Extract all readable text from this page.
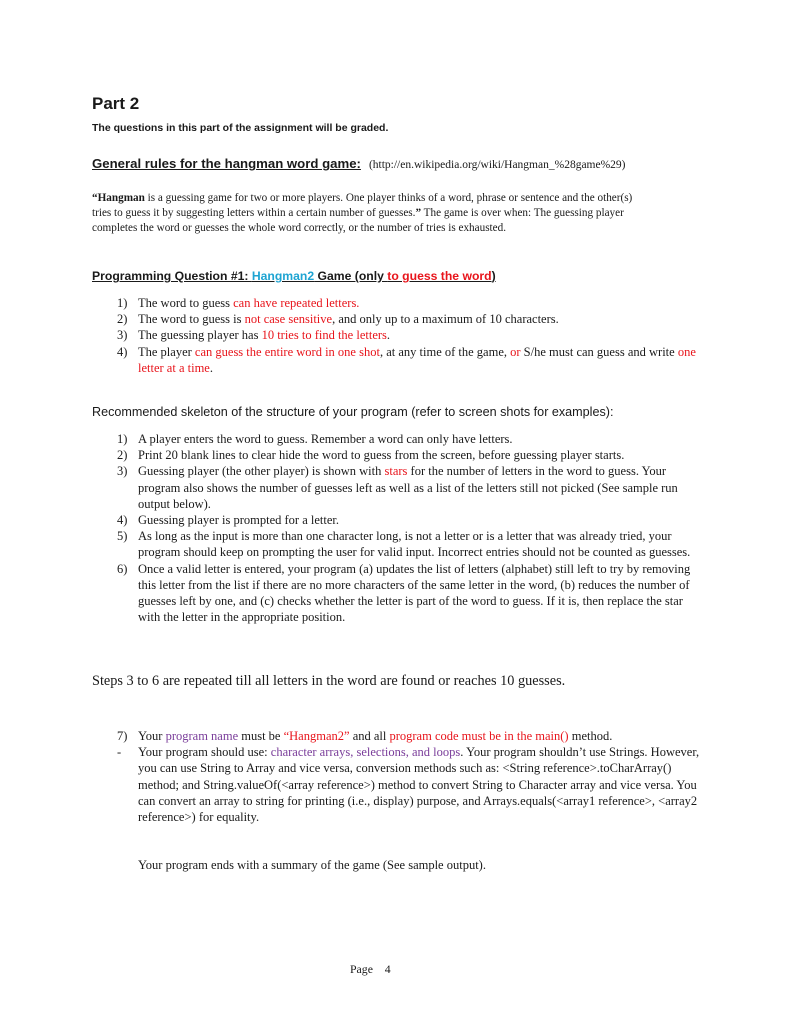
Part 2
The questions in this part of the assignment will be graded.
General rules for the hangman word game: (http://en.wikipedia.org/wiki/Hangman_%28game%29)
“Hangman is a guessing game for two or more players. One player thinks of a word, phrase or sentence and the other(s) tries to guess it by suggesting letters within a certain number of guesses.” The game is over when: The guessing player completes the word or guesses the whole word correctly, or the number of tries is exhausted.
Programming Question #1: Hangman2 Game (only to guess the word)
1) The word to guess can have repeated letters.
2) The word to guess is not case sensitive, and only up to a maximum of 10 characters.
3) The guessing player has 10 tries to find the letters.
4) The player can guess the entire word in one shot, at any time of the game, or S/he must can guess and write one letter at a time.
Recommended skeleton of the structure of your program (refer to screen shots for examples):
1) A player enters the word to guess. Remember a word can only have letters.
2) Print 20 blank lines to clear hide the word to guess from the screen, before guessing player starts.
3) Guessing player (the other player) is shown with stars for the number of letters in the word to guess. Your program also shows the number of guesses left as well as a list of the letters still not picked (See sample run output below).
4) Guessing player is prompted for a letter.
5) As long as the input is more than one character long, is not a letter or is a letter that was already tried, your program should keep on prompting the user for valid input. Incorrect entries should not be counted as guesses.
6) Once a valid letter is entered, your program (a) updates the list of letters (alphabet) still left to try by removing this letter from the list if there are no more characters of the same letter in the word, (b) reduces the number of guesses left by one, and (c) checks whether the letter is part of the word to guess. If it is, then replace the star with the letter in the appropriate position.
Steps 3 to 6 are repeated till all letters in the word are found or reaches 10 guesses.
7) Your program name must be “Hangman2” and all program code must be in the main() method.
- Your program should use: character arrays, selections, and loops. Your program shouldn’t use Strings. However, you can use String to Array and vice versa, conversion methods such as: <String reference>.toCharArray() method; and String.valueOf(<array reference>) method to convert String to Character array and vice versa. You can convert an array to string for printing (i.e., display) purpose, and Arrays.equals(<array1 reference>, <array2 reference>) for equality.
Your program ends with a summary of the game (See sample output).
Page    4
